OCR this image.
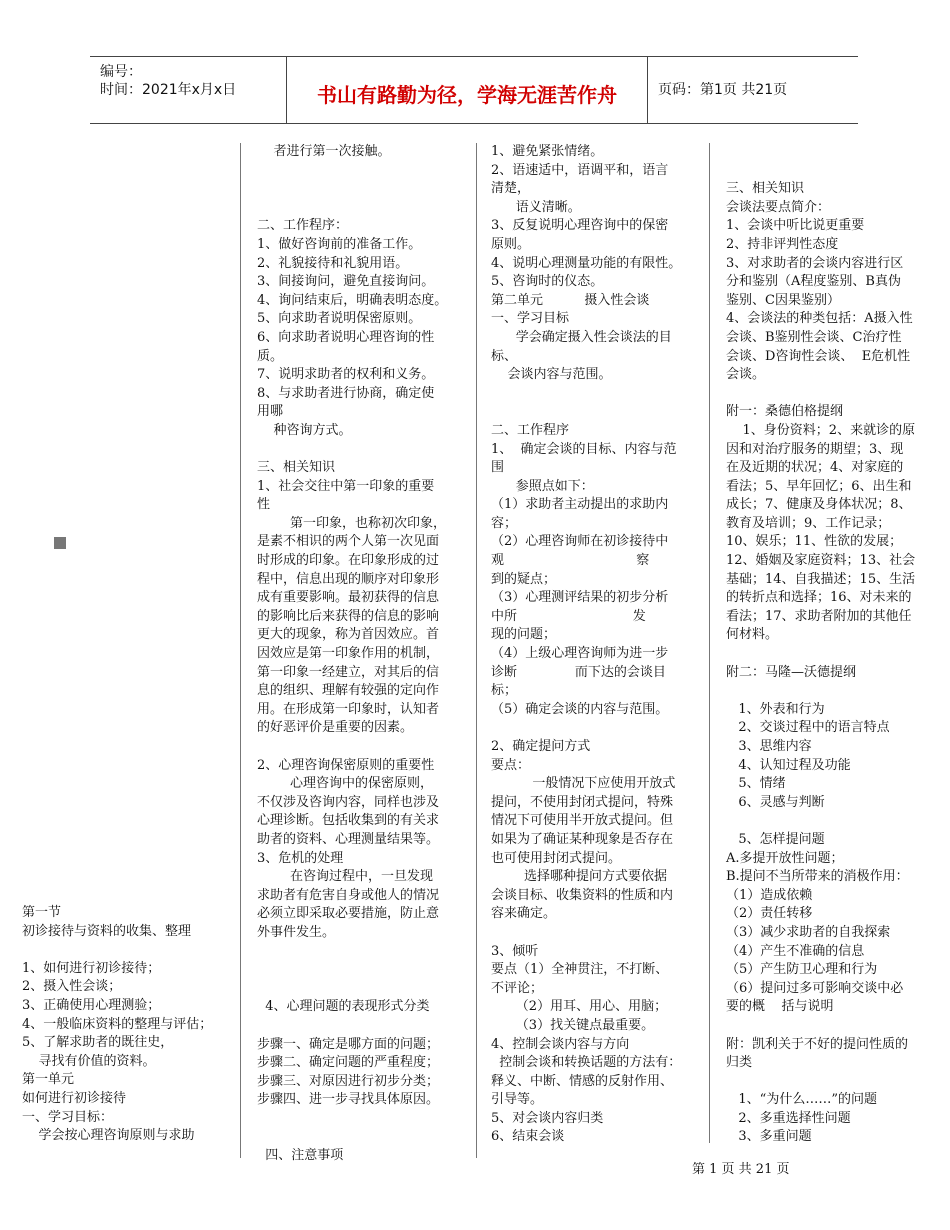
编号：
时间：2021年x月x日	书山有路勤为径，学海无涯苦作舟	页码：第1页 共21页
第一节
初诊接待与资料的收集、整理

1、如何进行初诊接待；
2、摄入性会谈；
3、正确使用心理测验；
4、一般临床资料的整理与评估；
5、了解求助者的既往史，
寻找有价值的资料。
第一单元
如何进行初诊接待
一、学习目标：
学会按心理咨询原则与求助
者进行第一次接触。

二、工作程序：
1、做好咨询前的准备工作。
2、礼貌接待和礼貌用语。
3、间接询问，避免直接询问。
4、询问结束后，明确表明态度。
5、向求助者说明保密原则。
6、向求助者说明心理咨询的性
质。
7、说明求助者的权利和义务。
8、与求助者进行协商，确定使
用哪
种咨询方式。

三、相关知识
1、社会交往中第一印象的重要
性
第一印象，也称初次印象，
是素不相识的两个人第一次见面
时形成的印象。在印象形成的过
程中，信息出现的顺序对印象形
成有重要影响。最初获得的信息
的影响比后来获得的信息的影响
更大的现象，称为首因效应。首
因效应是第一印象作用的机制，
第一印象一经建立，对其后的信
息的组织、理解有较强的定向作
用。在形成第一印象时，认知者
的好恶评价是重要的因素。

2、心理咨询保密原则的重要性
心理咨询中的保密原则，
不仅涉及咨询内容，同样也涉及
心理诊断。包括收集到的有关求
助者的资料、心理测量结果等。
3、危机的处理
在咨询过程中，一旦发现
求助者有危害自身或他人的情况
必须立即采取必要措施，防止意
外事件发生。

4、心理问题的表现形式分类

步骤一、确定是哪方面的问题；
步骤二、确定问题的严重程度；
步骤三、对原因进行初步分类；
步骤四、进一步寻找具体原因。

四、注意事项
1、避免紧张情绪。
2、语速适中，语调平和，语言
清楚，
语义清晰。
3、反复说明心理咨询中的保密
原则。
4、说明心理测量功能的有限性。
5、咨询时的仪态。
第二单元          摄入性会谈
一、学习目标
学会确定摄入性会谈法的目
标、
会谈内容与范围。

二、工作程序
1、  确定会谈的目标、内容与范
围
参照点如下：
（1）求助者主动提出的求助内
容；
（2）心理咨询师在初诊接待中
观                                察
到的疑点；
（3）心理测评结果的初步分析
中所                            发
现的问题；
（4）上级心理咨询师为进一步
诊断              而下达的会谈目
标；
（5）确定会谈的内容与范围。

2、确定提问方式
要点：
一般情况下应使用开放式
提问，不使用封闭式提问，特殊
情况下可使用半开放式提问。但
如果为了确证某种现象是否存在
也可使用封闭式提问。
选择哪种提问方式要依据
会谈目标、收集资料的性质和内
容来确定。

3、倾听
要点（1）全神贯注，不打断、
不评论；
（2）用耳、用心、用脑；
（3）找关键点最重要。
4、控制会谈内容与方向
控制会谈和转换话题的方法有：
释义、中断、情感的反射作用、
引导等。
5、对会谈内容归类
6、结束会谈

三、相关知识
会谈法要点简介：
1、会谈中听比说更重要
2、持非评判性态度
3、对求助者的会谈内容进行区
分和鉴别（A程度鉴别、B真伪
鉴别、C因果鉴别）
4、会谈法的种类包括：A摄入性
会谈、B鉴别性会谈、C治疗性
会谈、D咨询性会谈、  E危机性
会谈。

附一：桑德伯格提纲
1、身份资料；2、来就诊的原
因和对治疗服务的期望；3、现
在及近期的状况；4、对家庭的
看法；5、早年回忆；6、出生和
成长；7、健康及身体状况；8、
教育及培训；9、工作记录；
10、娱乐；11、性欲的发展；
12、婚姻及家庭资料；13、社会
基础；14、自我描述；15、生活
的转折点和选择；16、对未来的
看法；17、求助者附加的其他任
何材料。

附二：马隆—沃德提纲

1、外表和行为
2、交谈过程中的语言特点
3、思维内容
4、认知过程及功能
5、情绪
6、灵感与判断

5、怎样提问题
A.多提开放性问题；
B.提问不当所带来的消极作用：
（1）造成依赖
（2）责任转移
（3）减少求助者的自我探索
（4）产生不准确的信息
（5）产生防卫心理和行为
（6）提问过多可影响交谈中必
要的概    括与说明

附：凯利关于不好的提问性质的
归类

1、“为什么……”的问题
2、多重选择性问题
3、多重问题
第 1 页 共 21 页
